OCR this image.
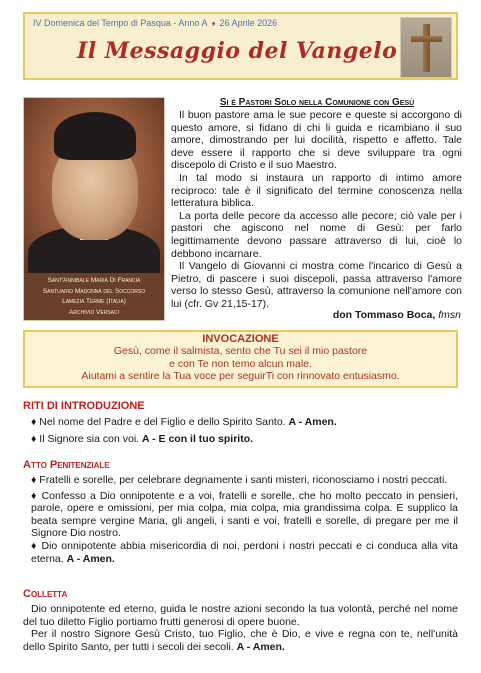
IV Domenica del Tempo di Pasqua - Anno A ♦ 26 Aprile 2026
Il Messaggio del Vangelo
Sant'Annibale Maria Di Francia
Santuario Madonna del Soccorso
Lamezia Terme (Italia)
Archivio Versaci
Si è Pastori Solo nella Comunione con Gesù

Il buon pastore ama le sue pecore e queste si accorgono di questo amore, si fidano di chi li guida e ricambiano il suo amore, dimostrando per lui docilità, rispetto e affetto. Tale deve essere il rapporto che si deve sviluppare tra ogni discepolo di Cristo e il suo Maestro.

In tal modo si instaura un rapporto di intimo amore reciproco: tale è il significato del termine conoscenza nella letteratura biblica.

La porta delle pecore da accesso alle pecore; ciò vale per i pastori che agiscono nel nome di Gesù: per farlo legittimamente devono passare attraverso di lui, cioè lo debbono incarnare.

Il Vangelo di Giovanni ci mostra come l'incarico di Gesù a Pietro, di pascere i suoi discepoli, passa attraverso l'amore verso lo stesso Gesù, attraverso la comunione nell'amore con lui (cfr. Gv 21,15-17).

don Tommaso Boca, fmsn
INVOCAZIONE
Gesù, come il salmista, sento che Tu sei il mio pastore
e con Te non temo alcun male.
Aiutami a sentire la Tua voce per seguirTi con rinnovato entusiasmo.
RITI DI INTRODUZIONE

♦ Nel nome del Padre e del Figlio e dello Spirito Santo. A - Amen.

♦ Il Signore sia con voi. A - E con il tuo spirito.

Atto Penitenziale

♦ Fratelli e sorelle, per celebrare degnamente i santi misteri, riconosciamo i nostri peccati.

♦ Confesso a Dio onnipotente e a voi, fratelli e sorelle, che ho molto peccato in pensieri, parole, opere e omissioni, per mia colpa, mia colpa, mia grandissima colpa. E supplico la beata sempre vergine Maria, gli angeli, i santi e voi, fratelli e sorelle, di pregare per me il Signore Dio nostro.

♦ Dio onnipotente abbia misericordia di noi, perdoni i nostri peccati e ci conduca alla vita eterna. A - Amen.

Colletta

Dio onnipotente ed eterno, guida le nostre azioni secondo la tua volontà, perché nel nome del tuo diletto Figlio portiamo frutti generosi di opere buone.

Per il nostro Signore Gesù Cristo, tuo Figlio, che è Dio, e vive e regna con te, nell'unità dello Spirito Santo, per tutti i secoli dei secoli. A - Amen.
